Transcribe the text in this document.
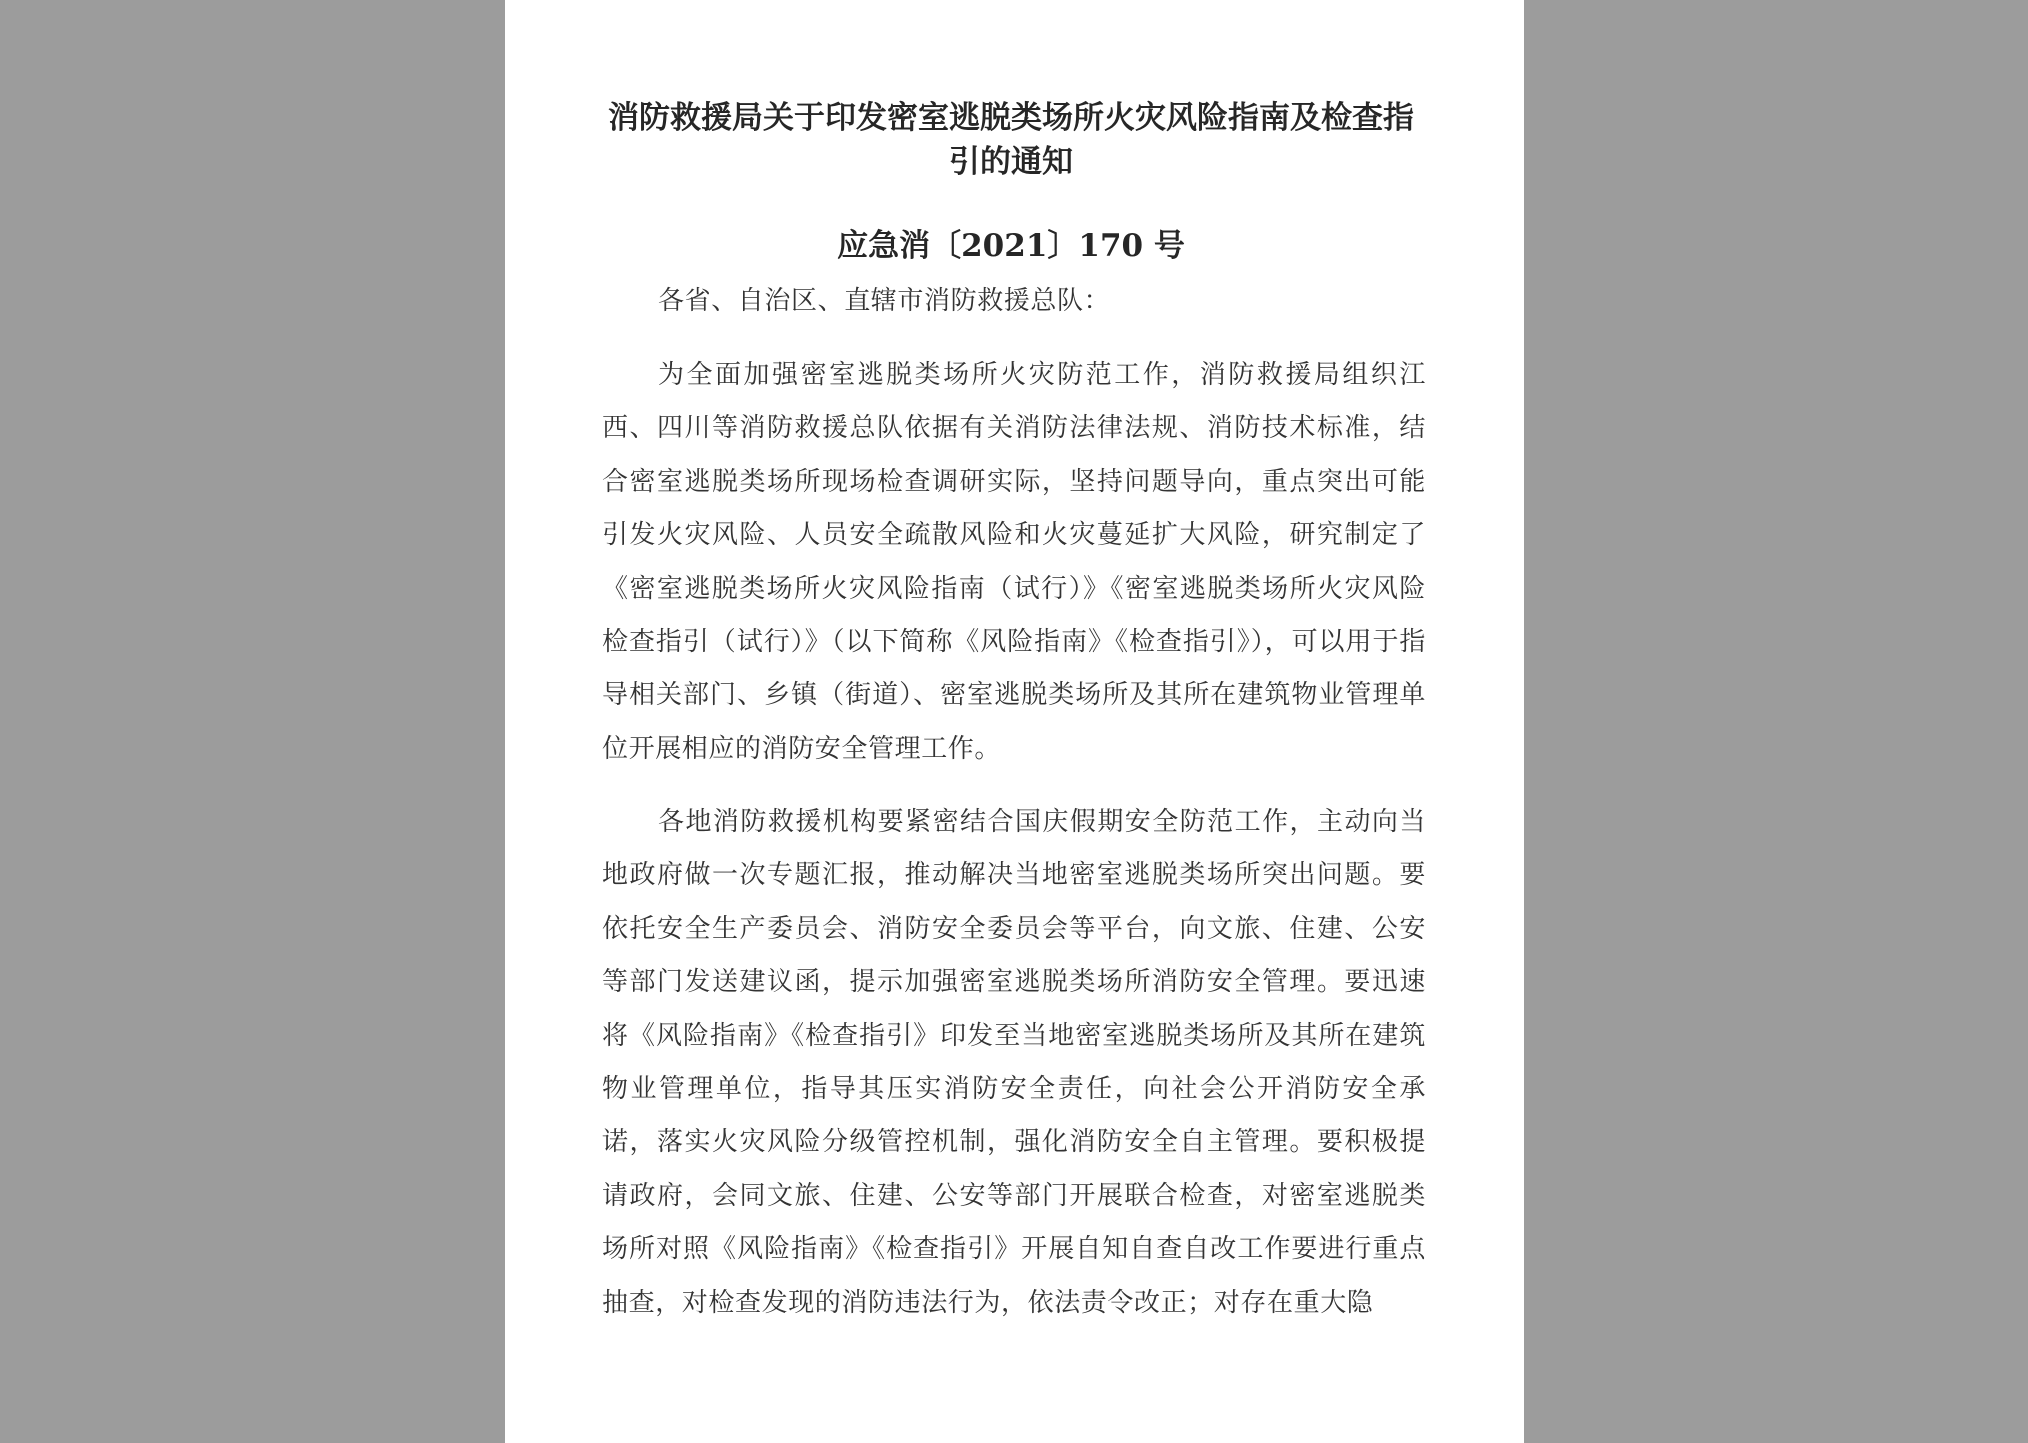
消防救援局关于印发密室逃脱类场所火灾风险指南及检查指引的通知
应急消〔2021〕170 号

各省、自治区、直辖市消防救援总队：

为全面加强密室逃脱类场所火灾防范工作，消防救援局组织江西、四川等消防救援总队依据有关消防法律法规、消防技术标准，结合密室逃脱类场所现场检查调研实际，坚持问题导向，重点突出可能引发火灾风险、人员安全疏散风险和火灾蔓延扩大风险，研究制定了《密室逃脱类场所火灾风险指南（试行）》《密室逃脱类场所火灾风险检查指引（试行）》（以下简称《风险指南》《检查指引》），可以用于指导相关部门、乡镇（街道）、密室逃脱类场所及其所在建筑物业管理单位开展相应的消防安全管理工作。

各地消防救援机构要紧密结合国庆假期安全防范工作，主动向当地政府做一次专题汇报，推动解决当地密室逃脱类场所突出问题。要依托安全生产委员会、消防安全委员会等平台，向文旅、住建、公安等部门发送建议函，提示加强密室逃脱类场所消防安全管理。要迅速将《风险指南》《检查指引》印发至当地密室逃脱类场所及其所在建筑物业管理单位，指导其压实消防安全责任，向社会公开消防安全承诺，落实火灾风险分级管控机制，强化消防安全自主管理。要积极提请政府，会同文旅、住建、公安等部门开展联合检查，对密室逃脱类场所对照《风险指南》《检查指引》开展自知自查自改工作要进行重点抽查，对检查发现的消防违法行为，依法责令改正；对存在重大隐
